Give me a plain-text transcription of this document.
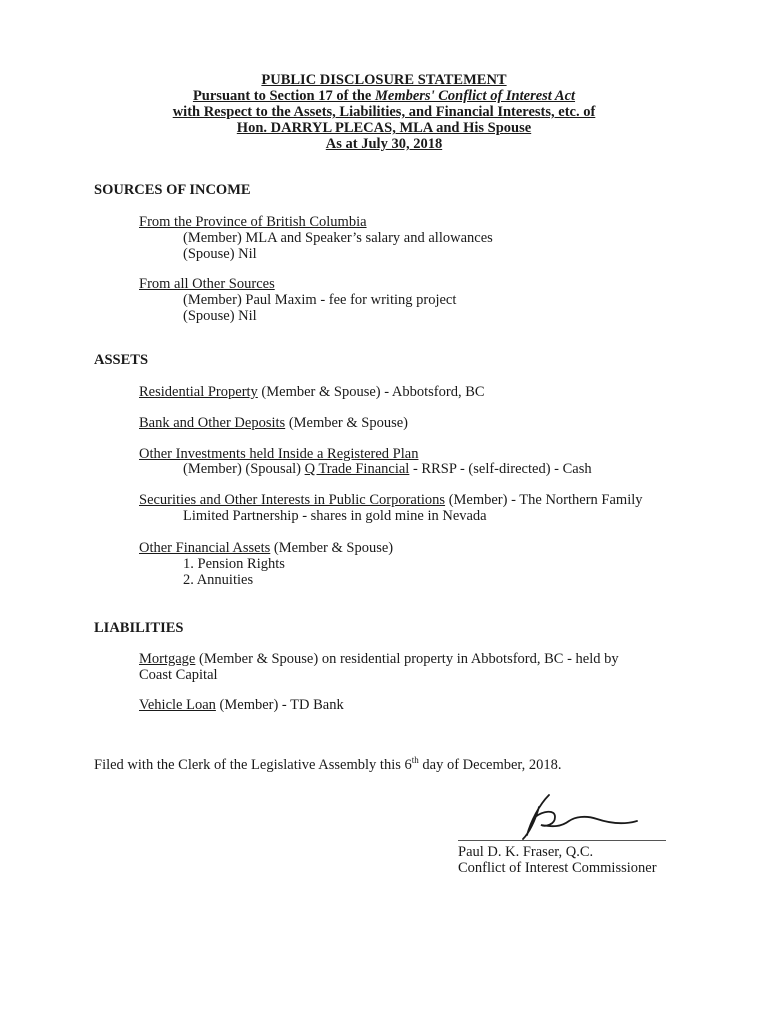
PUBLIC DISCLOSURE STATEMENT
Pursuant to Section 17 of the Members' Conflict of Interest Act
with Respect to the Assets, Liabilities, and Financial Interests, etc. of
Hon. DARRYL PLECAS, MLA and His Spouse
As at July 30, 2018
SOURCES OF INCOME
From the Province of British Columbia
(Member) MLA and Speaker’s salary and allowances
(Spouse) Nil
From all Other Sources
(Member) Paul Maxim - fee for writing project
(Spouse) Nil
ASSETS
Residential Property (Member & Spouse) - Abbotsford, BC
Bank and Other Deposits (Member & Spouse)
Other Investments held Inside a Registered Plan
(Member) (Spousal) Q Trade Financial - RRSP - (self-directed) - Cash
Securities and Other Interests in Public Corporations (Member) - The Northern Family
Limited Partnership - shares in gold mine in Nevada
Other Financial Assets (Member & Spouse)
1. Pension Rights
2. Annuities
LIABILITIES
Mortgage (Member & Spouse) on residential property in Abbotsford, BC - held by
Coast Capital
Vehicle Loan (Member) - TD Bank
Filed with the Clerk of the Legislative Assembly this 6th day of December, 2018.
Paul D. K. Fraser, Q.C.
Conflict of Interest Commissioner
